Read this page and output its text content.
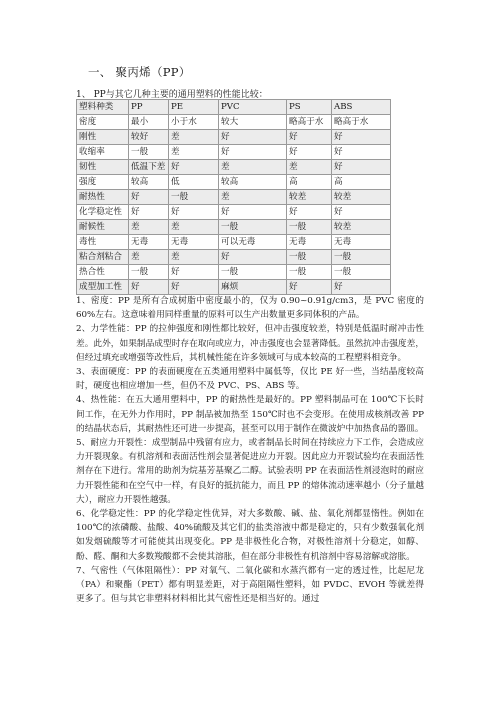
一、 聚丙烯（PP）
1、 PP与其它几种主要的通用塑料的性能比较：
塑料种类	PP	PE	PVC	PS	ABS
密度	最小	小于水	较大	略高于水	略高于水
刚性	较好	差	好	好	好
收缩率	一般	差	好	好	好
韧性	低温下差	好	差	差	好
强度	较高	低	较高	高	高
耐热性	好	一般	差	较差	较差
化学稳定性	好	好	好	好	好
耐候性	差	差	一般	一般	较差
毒性	无毒	无毒	可以无毒	无毒	无毒
粘合剂粘合	差	差	好	一般	一般
热合性	一般	好	一般	一般	一般
成型加工性	好	好	麻烦	好	好

1、密度：PP 是所有合成树脂中密度最小的，仅为 0.90~0.91g/cm3，是 PVC 密度的 60%左右。这意味着用同样重量的原料可以生产出数量更多同体积的产品。

2、力学性能：PP 的拉伸强度和刚性都比较好，但冲击强度较差，特别是低温时耐冲击性差。此外，如果制品成型时存在取向或应力，冲击强度也会显著降低。虽然抗冲击强度差，但经过填充或增强等改性后，其机械性能在许多领域可与成本较高的工程塑料相竞争。

3、表面硬度：PP 的表面硬度在五类通用塑料中属低等，仅比 PE 好一些，当结晶度较高时，硬度也相应增加一些，但仍不及 PVC、PS、ABS 等。

4、热性能：在五大通用塑料中，PP 的耐热性是最好的。PP 塑料制品可在 100℃下长时间工作，在无外力作用时，PP 制品被加热至 150℃时也不会变形。在使用成核剂改善 PP 的结晶状态后，其耐热性还可进一步提高，甚至可以用于制作在微波炉中加热食品的器皿。

5、耐应力开裂性：成型制品中残留有应力，或者制品长时间在持续应力下工作，会造成应力开裂现象。有机溶剂和表面活性剂会显著促进应力开裂。因此应力开裂试验均在表面活性剂存在下进行。常用的助剂为烷基芳基聚乙二醇。试验表明 PP 在表面活性剂浸泡时的耐应力开裂性能和在空气中一样，有良好的抵抗能力，而且 PP 的熔体流动速率越小（分子量越大），耐应力开裂性越强。

6、化学稳定性：PP 的化学稳定性优异，对大多数酸、碱、盐、氧化剂都显惰性。例如在 100℃的浓磷酸、盐酸、40%硫酸及其它们的盐类溶液中都是稳定的，只有少数强氧化剂如发烟硫酸等才可能使其出现变化。PP 是非极性化合物，对极性溶剂十分稳定，如醇、酚、醛、酮和大多数羧酸都不会使其溶胀，但在部分非极性有机溶剂中容易溶解或溶胀。

7、气密性（气体阻隔性）：PP 对氧气、二氧化碳和水蒸汽都有一定的透过性，比起尼龙（PA）和聚酯（PET）都有明显差距，对于高阻隔性塑料，如 PVDC、EVOH 等就差得更多了。但与其它非塑料材料相比其气密性还是相当好的。通过
